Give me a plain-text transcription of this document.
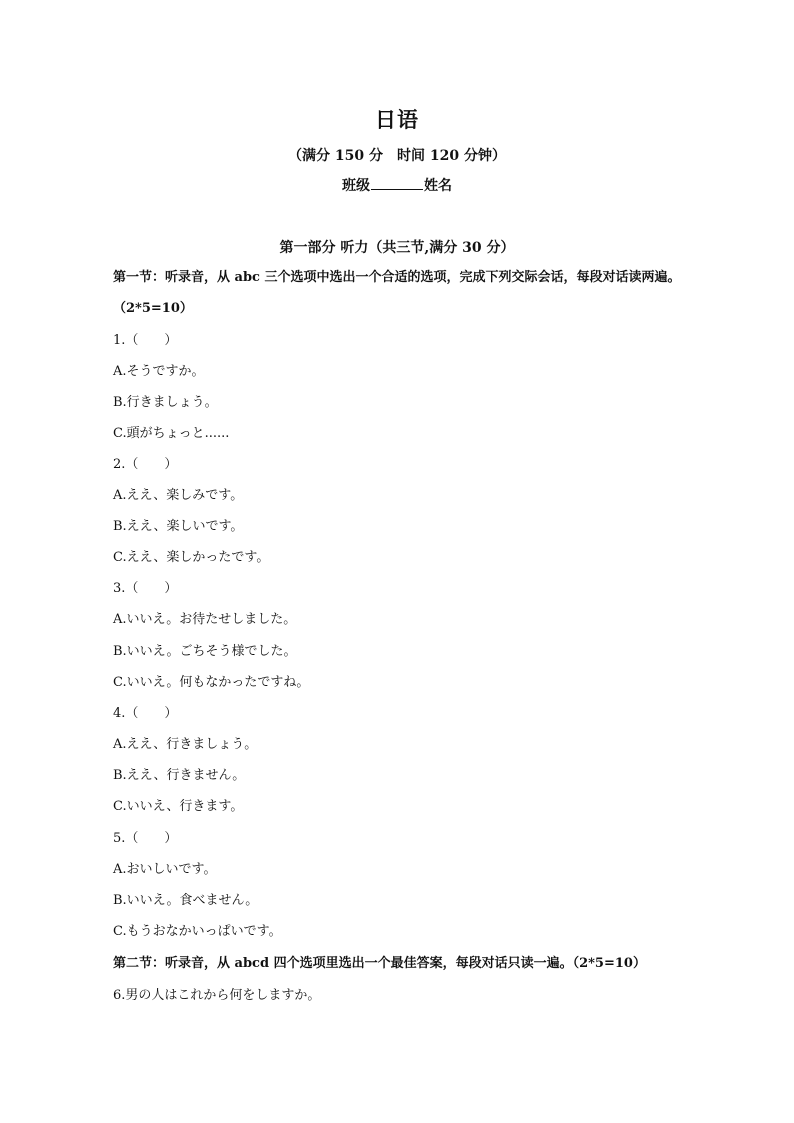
日语
（满分 150 分　时间 120 分钟）
班级	姓名
第一部分 听力（共三节,满分 30 分）
第一节：听录音，从 abc 三个选项中选出一个合适的选项，完成下列交际会话，每段对话读两遍。
（2*5=10）
1.（　　）
A.そうですか。
B.行きましょう。
C.頭がちょっと......
2.（　　）
A.ええ、楽しみです。
B.ええ、楽しいです。
C.ええ、楽しかったです。
3.（　　）
A.いいえ。お待たせしました。
B.いいえ。ごちそう様でした。
C.いいえ。何もなかったですね。
4.（　　）
A.ええ、行きましょう。
B.ええ、行きません。
C.いいえ、行きます。
5.（　　）
A.おいしいです。
B.いいえ。食べません。
C.もうおなかいっぱいです。
第二节：听录音，从 abcd 四个选项里选出一个最佳答案，每段对话只读一遍。（2*5=10）
6.男の人はこれから何をしますか。
